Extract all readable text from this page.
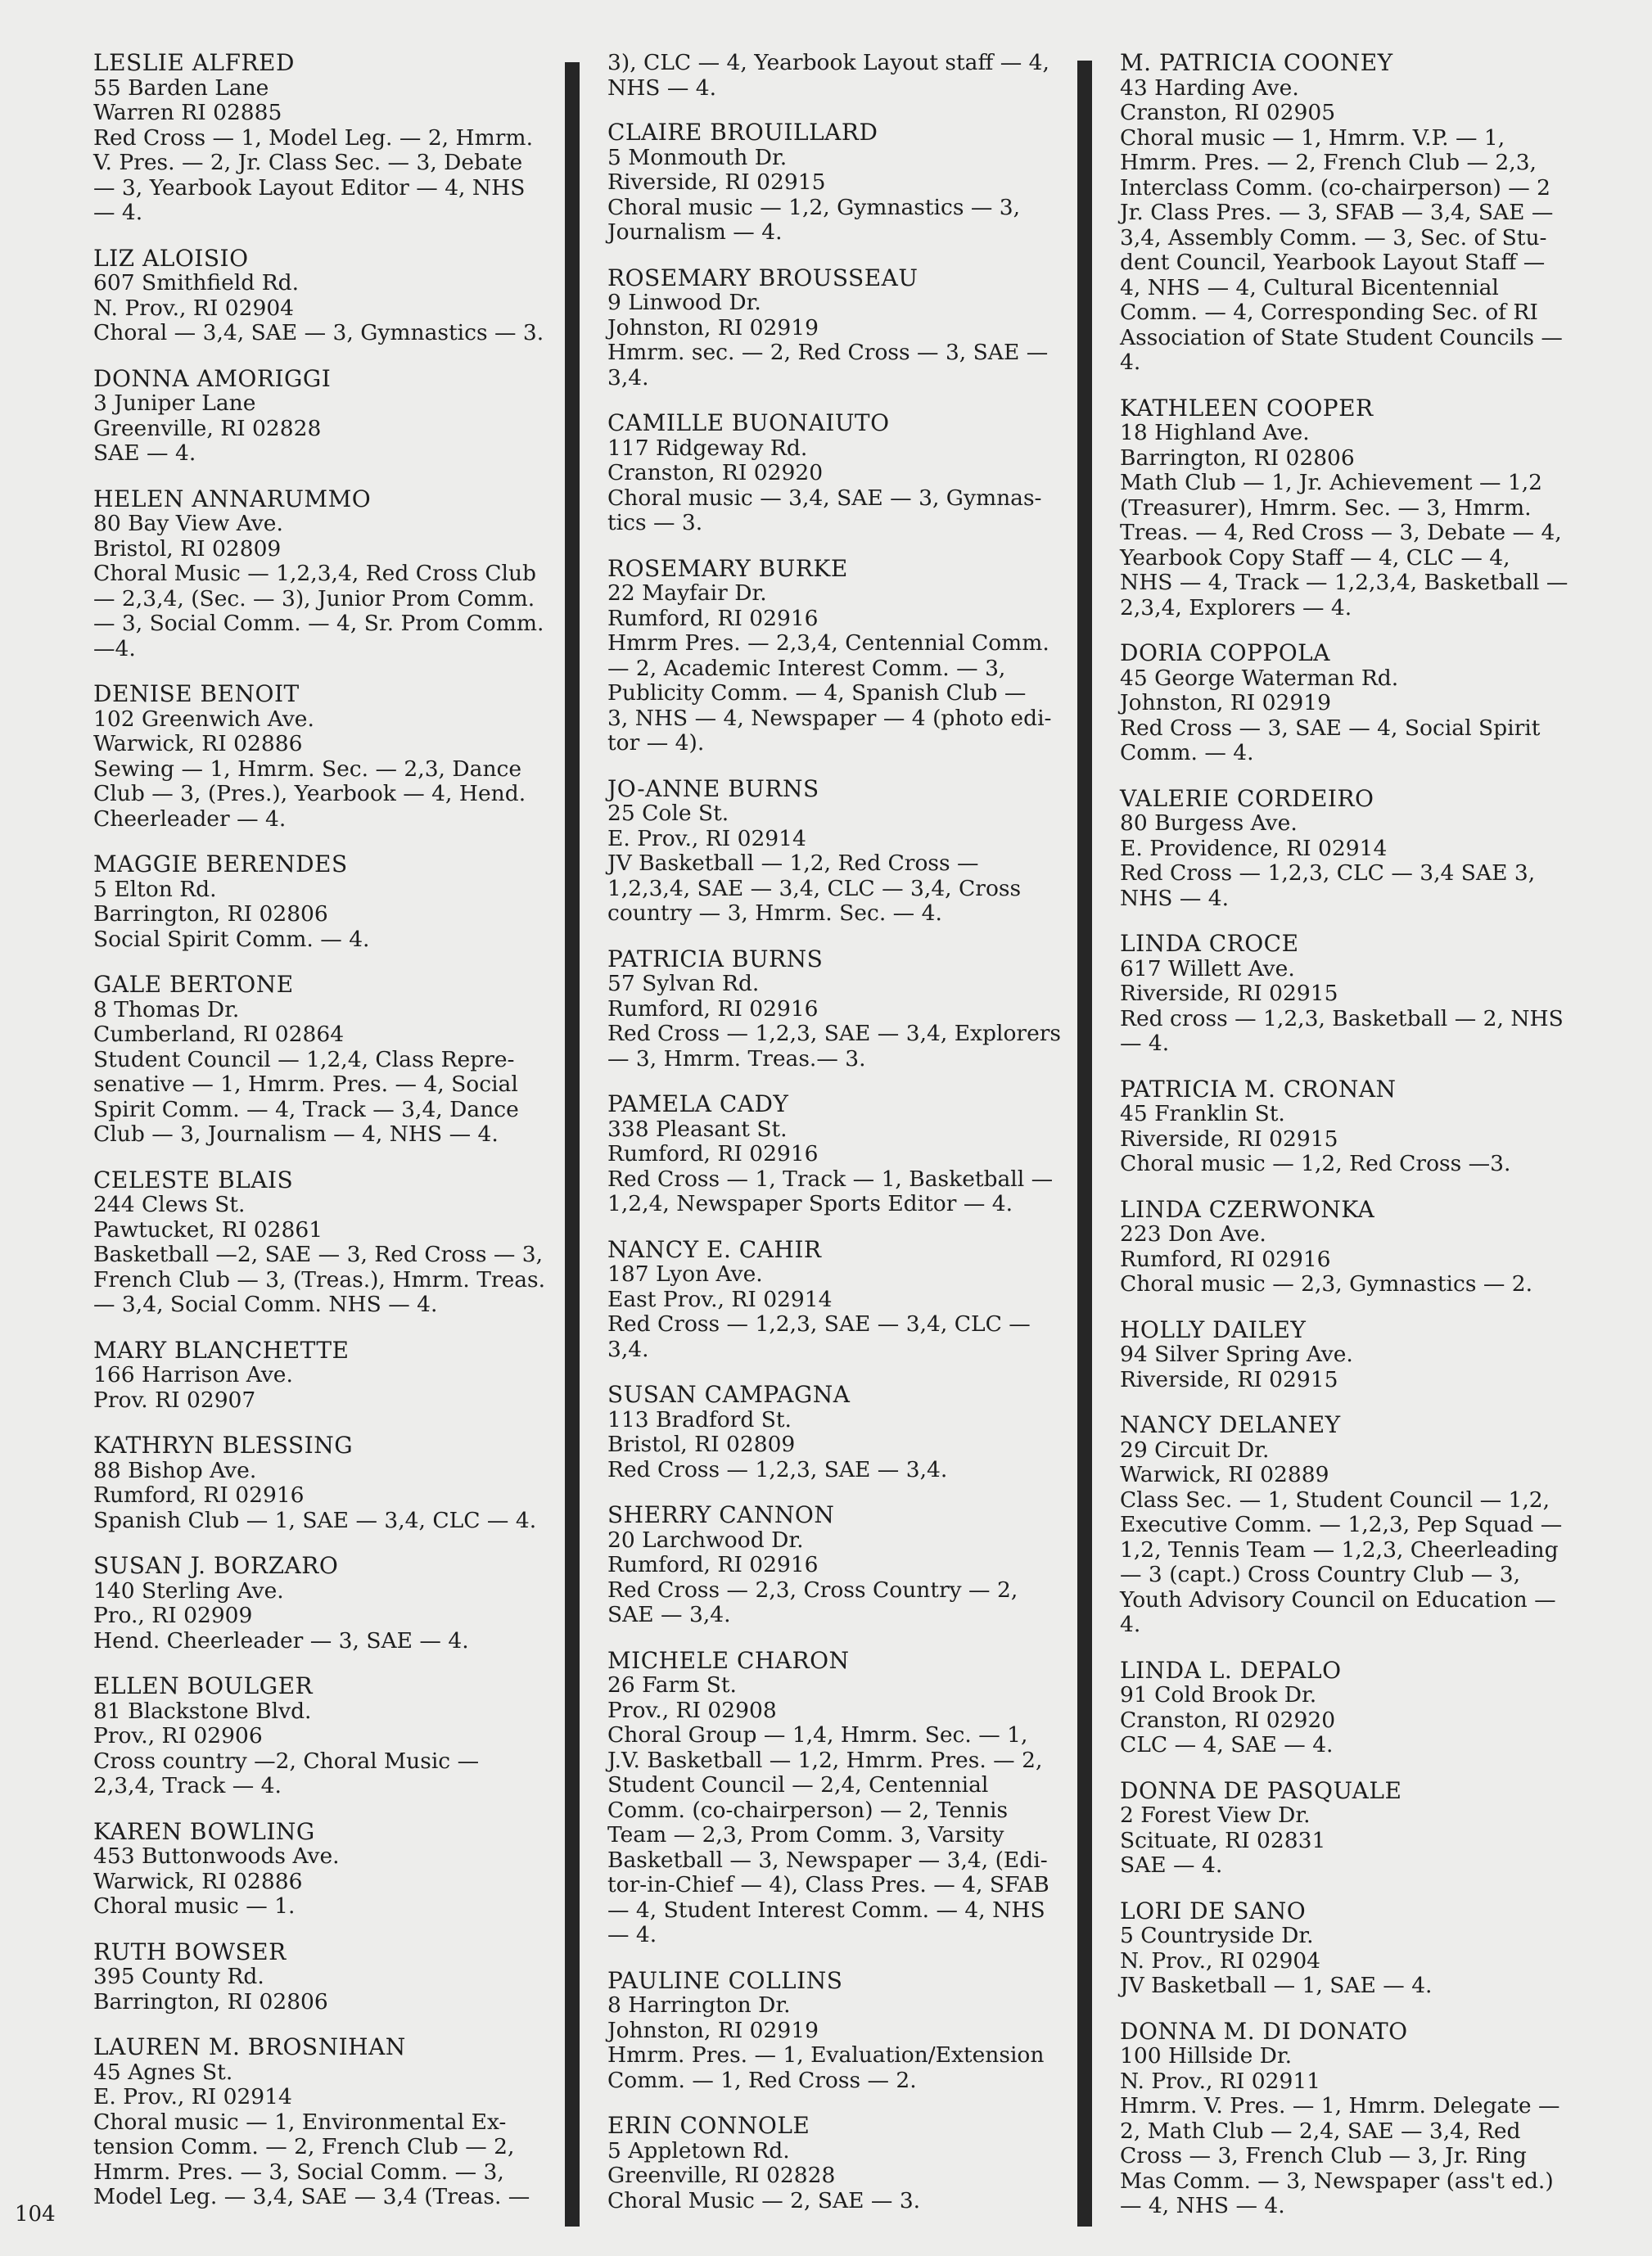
LESLIE ALFRED
55 Barden Lane
Warren RI 02885
Red Cross — 1, Model Leg. — 2, Hmrm.
V. Pres. — 2, Jr. Class Sec. — 3, Debate
— 3, Yearbook Layout Editor — 4, NHS
— 4.
LIZ ALOISIO
607 Smithfield Rd.
N. Prov., RI 02904
Choral — 3,4, SAE — 3, Gymnastics — 3.
DONNA AMORIGGI
3 Juniper Lane
Greenville, RI 02828
SAE — 4.
HELEN ANNARUMMO
80 Bay View Ave.
Bristol, RI 02809
Choral Music — 1,2,3,4, Red Cross Club
— 2,3,4, (Sec. — 3), Junior Prom Comm.
— 3, Social Comm. — 4, Sr. Prom Comm.
—4.
DENISE BENOIT
102 Greenwich Ave.
Warwick, RI 02886
Sewing — 1, Hmrm. Sec. — 2,3, Dance
Club — 3, (Pres.), Yearbook — 4, Hend.
Cheerleader — 4.
MAGGIE BERENDES
5 Elton Rd.
Barrington, RI 02806
Social Spirit Comm. — 4.
GALE BERTONE
8 Thomas Dr.
Cumberland, RI 02864
Student Council — 1,2,4, Class Repre-
senative — 1, Hmrm. Pres. — 4, Social
Spirit Comm. — 4, Track — 3,4, Dance
Club — 3, Journalism — 4, NHS — 4.
CELESTE BLAIS
244 Clews St.
Pawtucket, RI 02861
Basketball —2, SAE — 3, Red Cross — 3,
French Club — 3, (Treas.), Hmrm. Treas.
— 3,4, Social Comm. NHS — 4.
MARY BLANCHETTE
166 Harrison Ave.
Prov. RI 02907
KATHRYN BLESSING
88 Bishop Ave.
Rumford, RI 02916
Spanish Club — 1, SAE — 3,4, CLC — 4.
SUSAN J. BORZARO
140 Sterling Ave.
Pro., RI 02909
Hend. Cheerleader — 3, SAE — 4.
ELLEN BOULGER
81 Blackstone Blvd.
Prov., RI 02906
Cross country —2, Choral Music —
2,3,4, Track — 4.
KAREN BOWLING
453 Buttonwoods Ave.
Warwick, RI 02886
Choral music — 1.
RUTH BOWSER
395 County Rd.
Barrington, RI 02806
LAUREN M. BROSNIHAN
45 Agnes St.
E. Prov., RI 02914
Choral music — 1, Environmental Ex-
tension Comm. — 2, French Club — 2,
Hmrm. Pres. — 3, Social Comm. — 3,
Model Leg. — 3,4, SAE — 3,4 (Treas. —
3), CLC — 4, Yearbook Layout staff — 4,
NHS — 4.
CLAIRE BROUILLARD
5 Monmouth Dr.
Riverside, RI 02915
Choral music — 1,2, Gymnastics — 3,
Journalism — 4.
ROSEMARY BROUSSEAU
9 Linwood Dr.
Johnston, RI 02919
Hmrm. sec. — 2, Red Cross — 3, SAE —
3,4.
CAMILLE BUONAIUTO
117 Ridgeway Rd.
Cranston, RI 02920
Choral music — 3,4, SAE — 3, Gymnas-
tics — 3.
ROSEMARY BURKE
22 Mayfair Dr.
Rumford, RI 02916
Hmrm Pres. — 2,3,4, Centennial Comm.
— 2, Academic Interest Comm. — 3,
Publicity Comm. — 4, Spanish Club —
3, NHS — 4, Newspaper — 4 (photo edi-
tor — 4).
JO-ANNE BURNS
25 Cole St.
E. Prov., RI 02914
JV Basketball — 1,2, Red Cross —
1,2,3,4, SAE — 3,4, CLC — 3,4, Cross
country — 3, Hmrm. Sec. — 4.
PATRICIA BURNS
57 Sylvan Rd.
Rumford, RI 02916
Red Cross — 1,2,3, SAE — 3,4, Explorers
— 3, Hmrm. Treas.— 3.
PAMELA CADY
338 Pleasant St.
Rumford, RI 02916
Red Cross — 1, Track — 1, Basketball —
1,2,4, Newspaper Sports Editor — 4.
NANCY E. CAHIR
187 Lyon Ave.
East Prov., RI 02914
Red Cross — 1,2,3, SAE — 3,4, CLC —
3,4.
SUSAN CAMPAGNA
113 Bradford St.
Bristol, RI 02809
Red Cross — 1,2,3, SAE — 3,4.
SHERRY CANNON
20 Larchwood Dr.
Rumford, RI 02916
Red Cross — 2,3, Cross Country — 2,
SAE — 3,4.
MICHELE CHARON
26 Farm St.
Prov., RI 02908
Choral Group — 1,4, Hmrm. Sec. — 1,
J.V. Basketball — 1,2, Hmrm. Pres. — 2,
Student Council — 2,4, Centennial
Comm. (co-chairperson) — 2, Tennis
Team — 2,3, Prom Comm. 3, Varsity
Basketball — 3, Newspaper — 3,4, (Edi-
tor-in-Chief — 4), Class Pres. — 4, SFAB
— 4, Student Interest Comm. — 4, NHS
— 4.
PAULINE COLLINS
8 Harrington Dr.
Johnston, RI 02919
Hmrm. Pres. — 1, Evaluation/Extension
Comm. — 1, Red Cross — 2.
ERIN CONNOLE
5 Appletown Rd.
Greenville, RI 02828
Choral Music — 2, SAE — 3.
M. PATRICIA COONEY
43 Harding Ave.
Cranston, RI 02905
Choral music — 1, Hmrm. V.P. — 1,
Hmrm. Pres. — 2, French Club — 2,3,
Interclass Comm. (co-chairperson) — 2
Jr. Class Pres. — 3, SFAB — 3,4, SAE —
3,4, Assembly Comm. — 3, Sec. of Stu-
dent Council, Yearbook Layout Staff —
4, NHS — 4, Cultural Bicentennial
Comm. — 4, Corresponding Sec. of RI
Association of State Student Councils —
4.
KATHLEEN COOPER
18 Highland Ave.
Barrington, RI 02806
Math Club — 1, Jr. Achievement — 1,2
(Treasurer), Hmrm. Sec. — 3, Hmrm.
Treas. — 4, Red Cross — 3, Debate — 4,
Yearbook Copy Staff — 4, CLC — 4,
NHS — 4, Track — 1,2,3,4, Basketball —
2,3,4, Explorers — 4.
DORIA COPPOLA
45 George Waterman Rd.
Johnston, RI 02919
Red Cross — 3, SAE — 4, Social Spirit
Comm. — 4.
VALERIE CORDEIRO
80 Burgess Ave.
E. Providence, RI 02914
Red Cross — 1,2,3, CLC — 3,4 SAE 3,
NHS — 4.
LINDA CROCE
617 Willett Ave.
Riverside, RI 02915
Red cross — 1,2,3, Basketball — 2, NHS
— 4.
PATRICIA M. CRONAN
45 Franklin St.
Riverside, RI 02915
Choral music — 1,2, Red Cross —3.
LINDA CZERWONKA
223 Don Ave.
Rumford, RI 02916
Choral music — 2,3, Gymnastics — 2.
HOLLY DAILEY
94 Silver Spring Ave.
Riverside, RI 02915
NANCY DELANEY
29 Circuit Dr.
Warwick, RI 02889
Class Sec. — 1, Student Council — 1,2,
Executive Comm. — 1,2,3, Pep Squad —
1,2, Tennis Team — 1,2,3, Cheerleading
— 3 (capt.) Cross Country Club — 3,
Youth Advisory Council on Education —
4.
LINDA L. DEPALO
91 Cold Brook Dr.
Cranston, RI 02920
CLC — 4, SAE — 4.
DONNA DE PASQUALE
2 Forest View Dr.
Scituate, RI 02831
SAE — 4.
LORI DE SANO
5 Countryside Dr.
N. Prov., RI 02904
JV Basketball — 1, SAE — 4.
DONNA M. DI DONATO
100 Hillside Dr.
N. Prov., RI 02911
Hmrm. V. Pres. — 1, Hmrm. Delegate —
2, Math Club — 2,4, SAE — 3,4, Red
Cross — 3, French Club — 3, Jr. Ring
Mas Comm. — 3, Newspaper (ass't ed.)
— 4, NHS — 4.
104
